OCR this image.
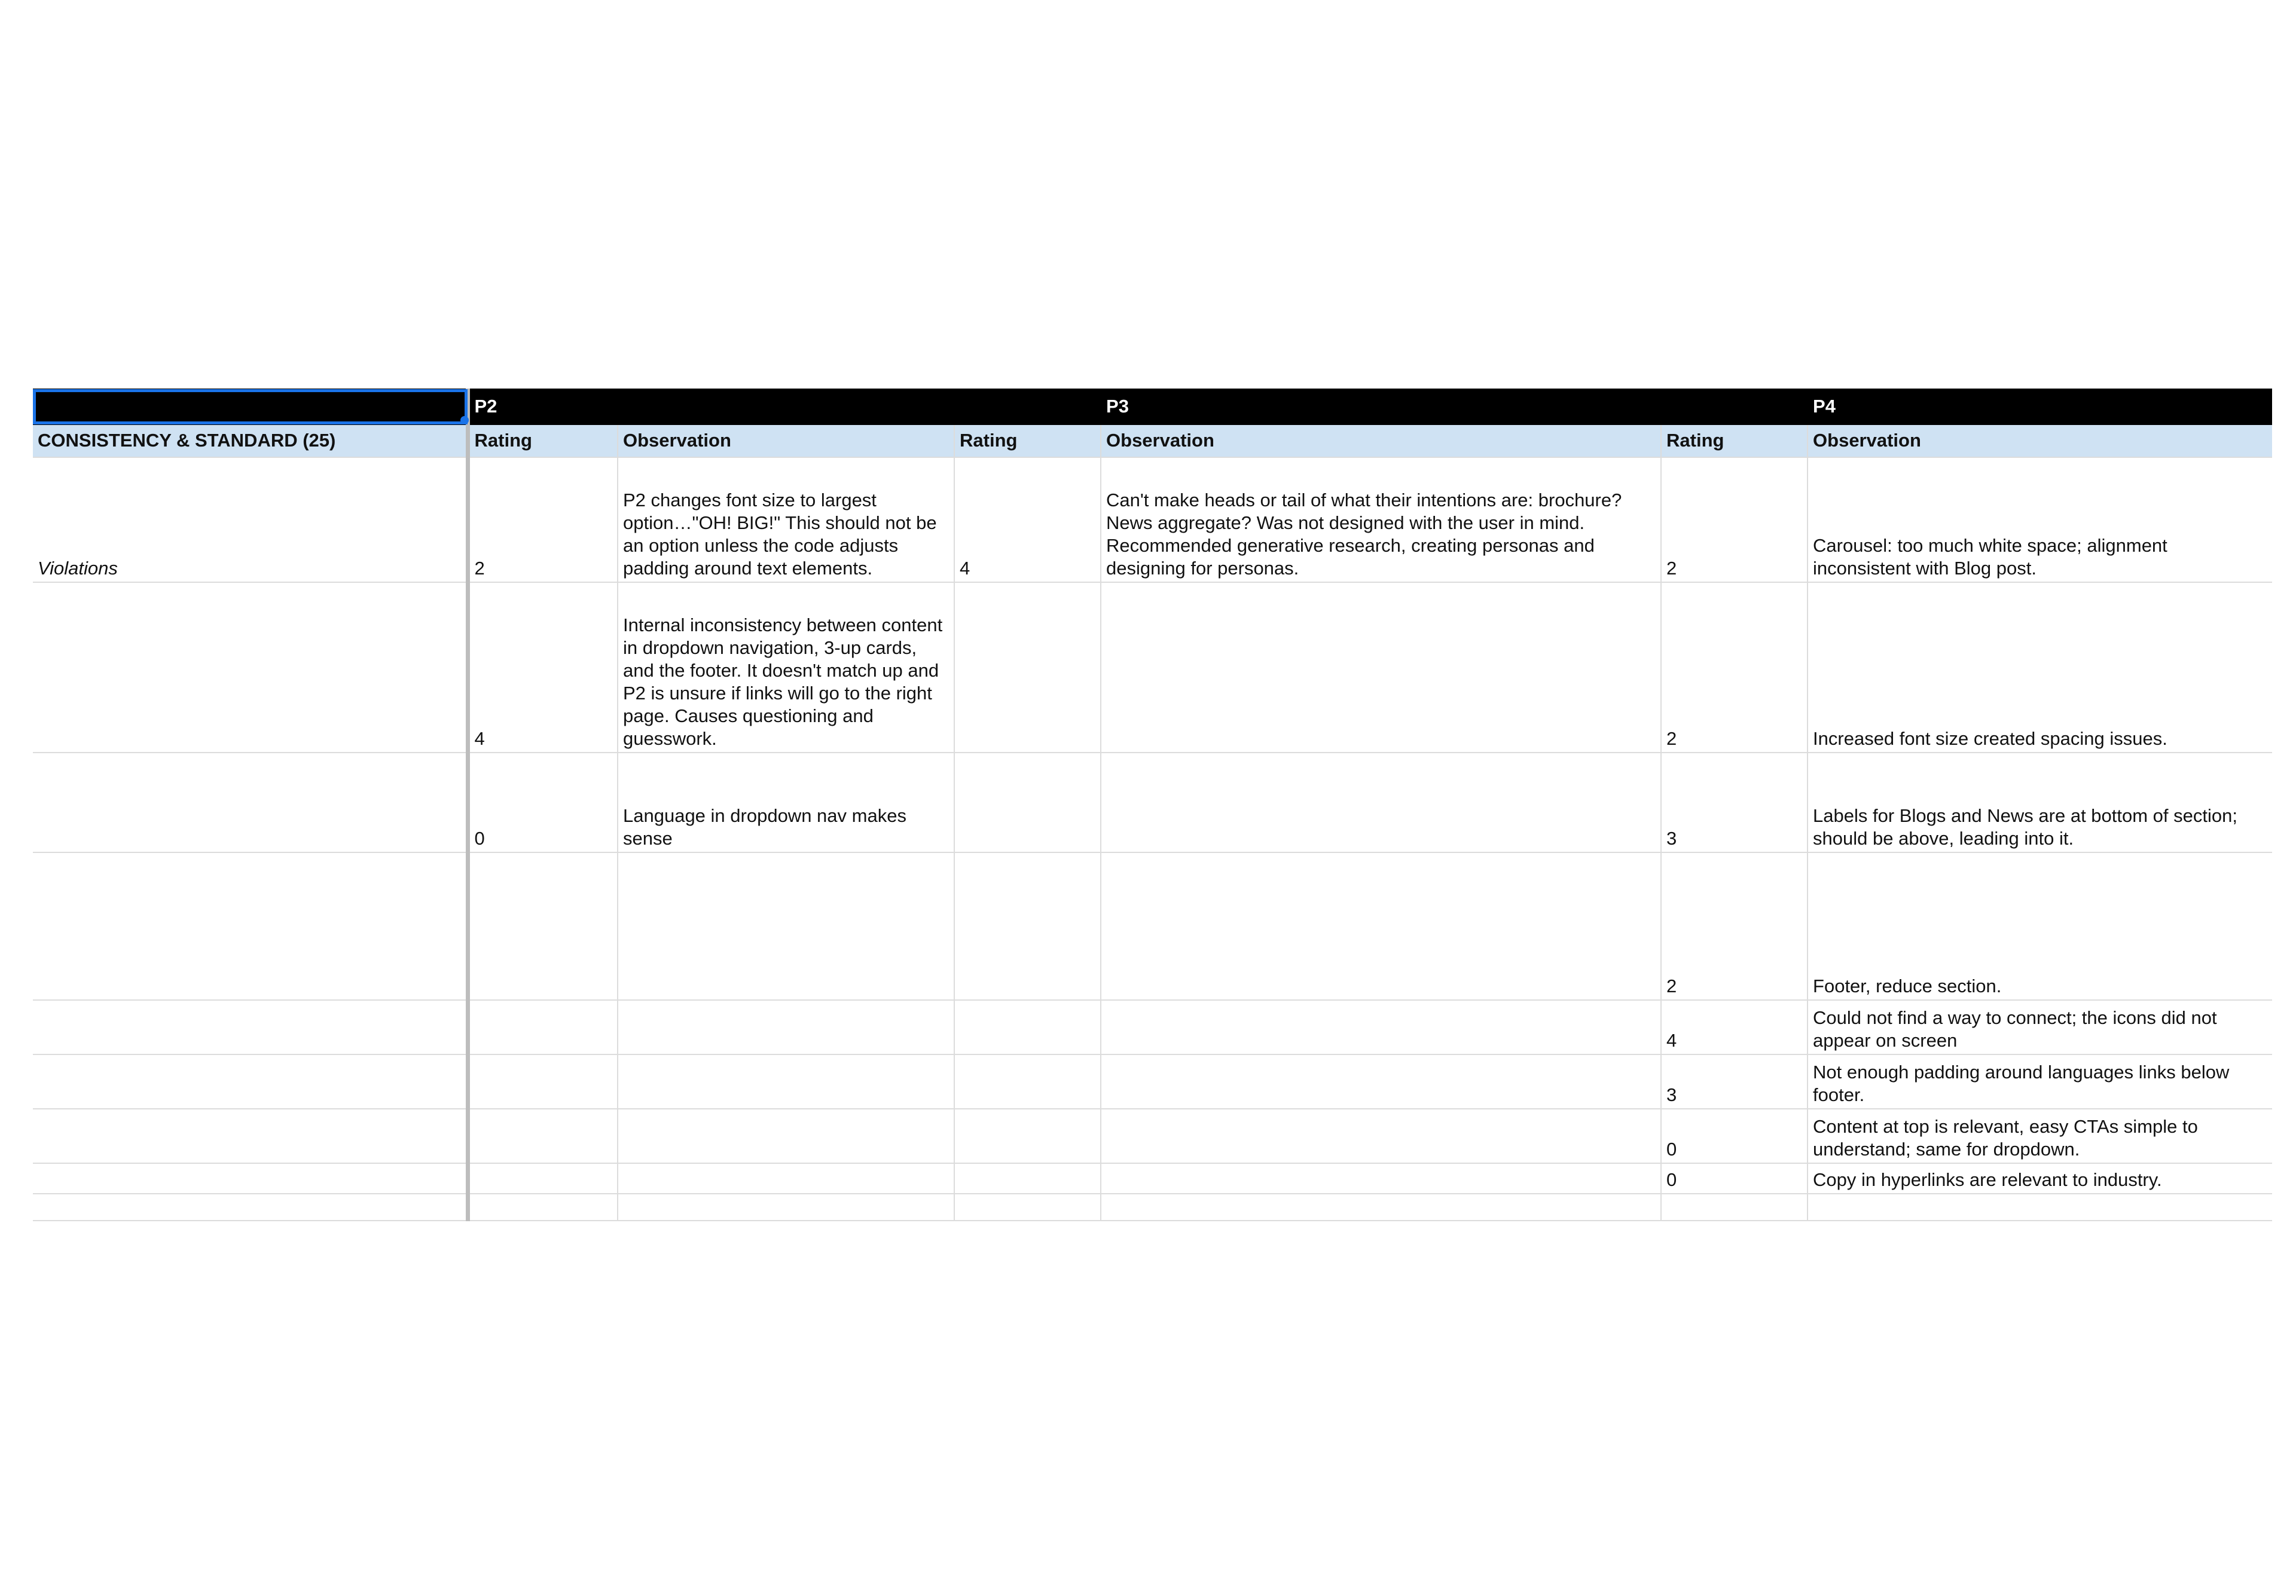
	P2			P3		P4
CONSISTENCY & STANDARD (25)	Rating	Observation	Rating	Observation	Rating	Observation
Violations	2	P2 changes font size to largest option…"OH! BIG!" This should not be an option unless the code adjusts padding around text elements.	4	Can't make heads or tail of what their intentions are: brochure? News aggregate? Was not designed with the user in mind. Recommended generative research, creating personas and designing for personas.	2	Carousel: too much white space; alignment inconsistent with Blog post.
	4	Internal inconsistency between content in dropdown navigation, 3-up cards, and the footer. It doesn't match up and P2 is unsure if links will go to the right page. Causes questioning and guesswork.			2	Increased font size created spacing issues.
	0	Language in dropdown nav makes sense			3	Labels for Blogs and News are at bottom of section; should be above, leading into it.
					2	Footer, reduce section.
					4	Could not find a way to connect; the icons did not appear on screen
					3	Not enough padding around languages links below footer.
					0	Content at top is relevant, easy CTAs simple to understand; same for dropdown.
					0	Copy in hyperlinks are relevant to industry.
